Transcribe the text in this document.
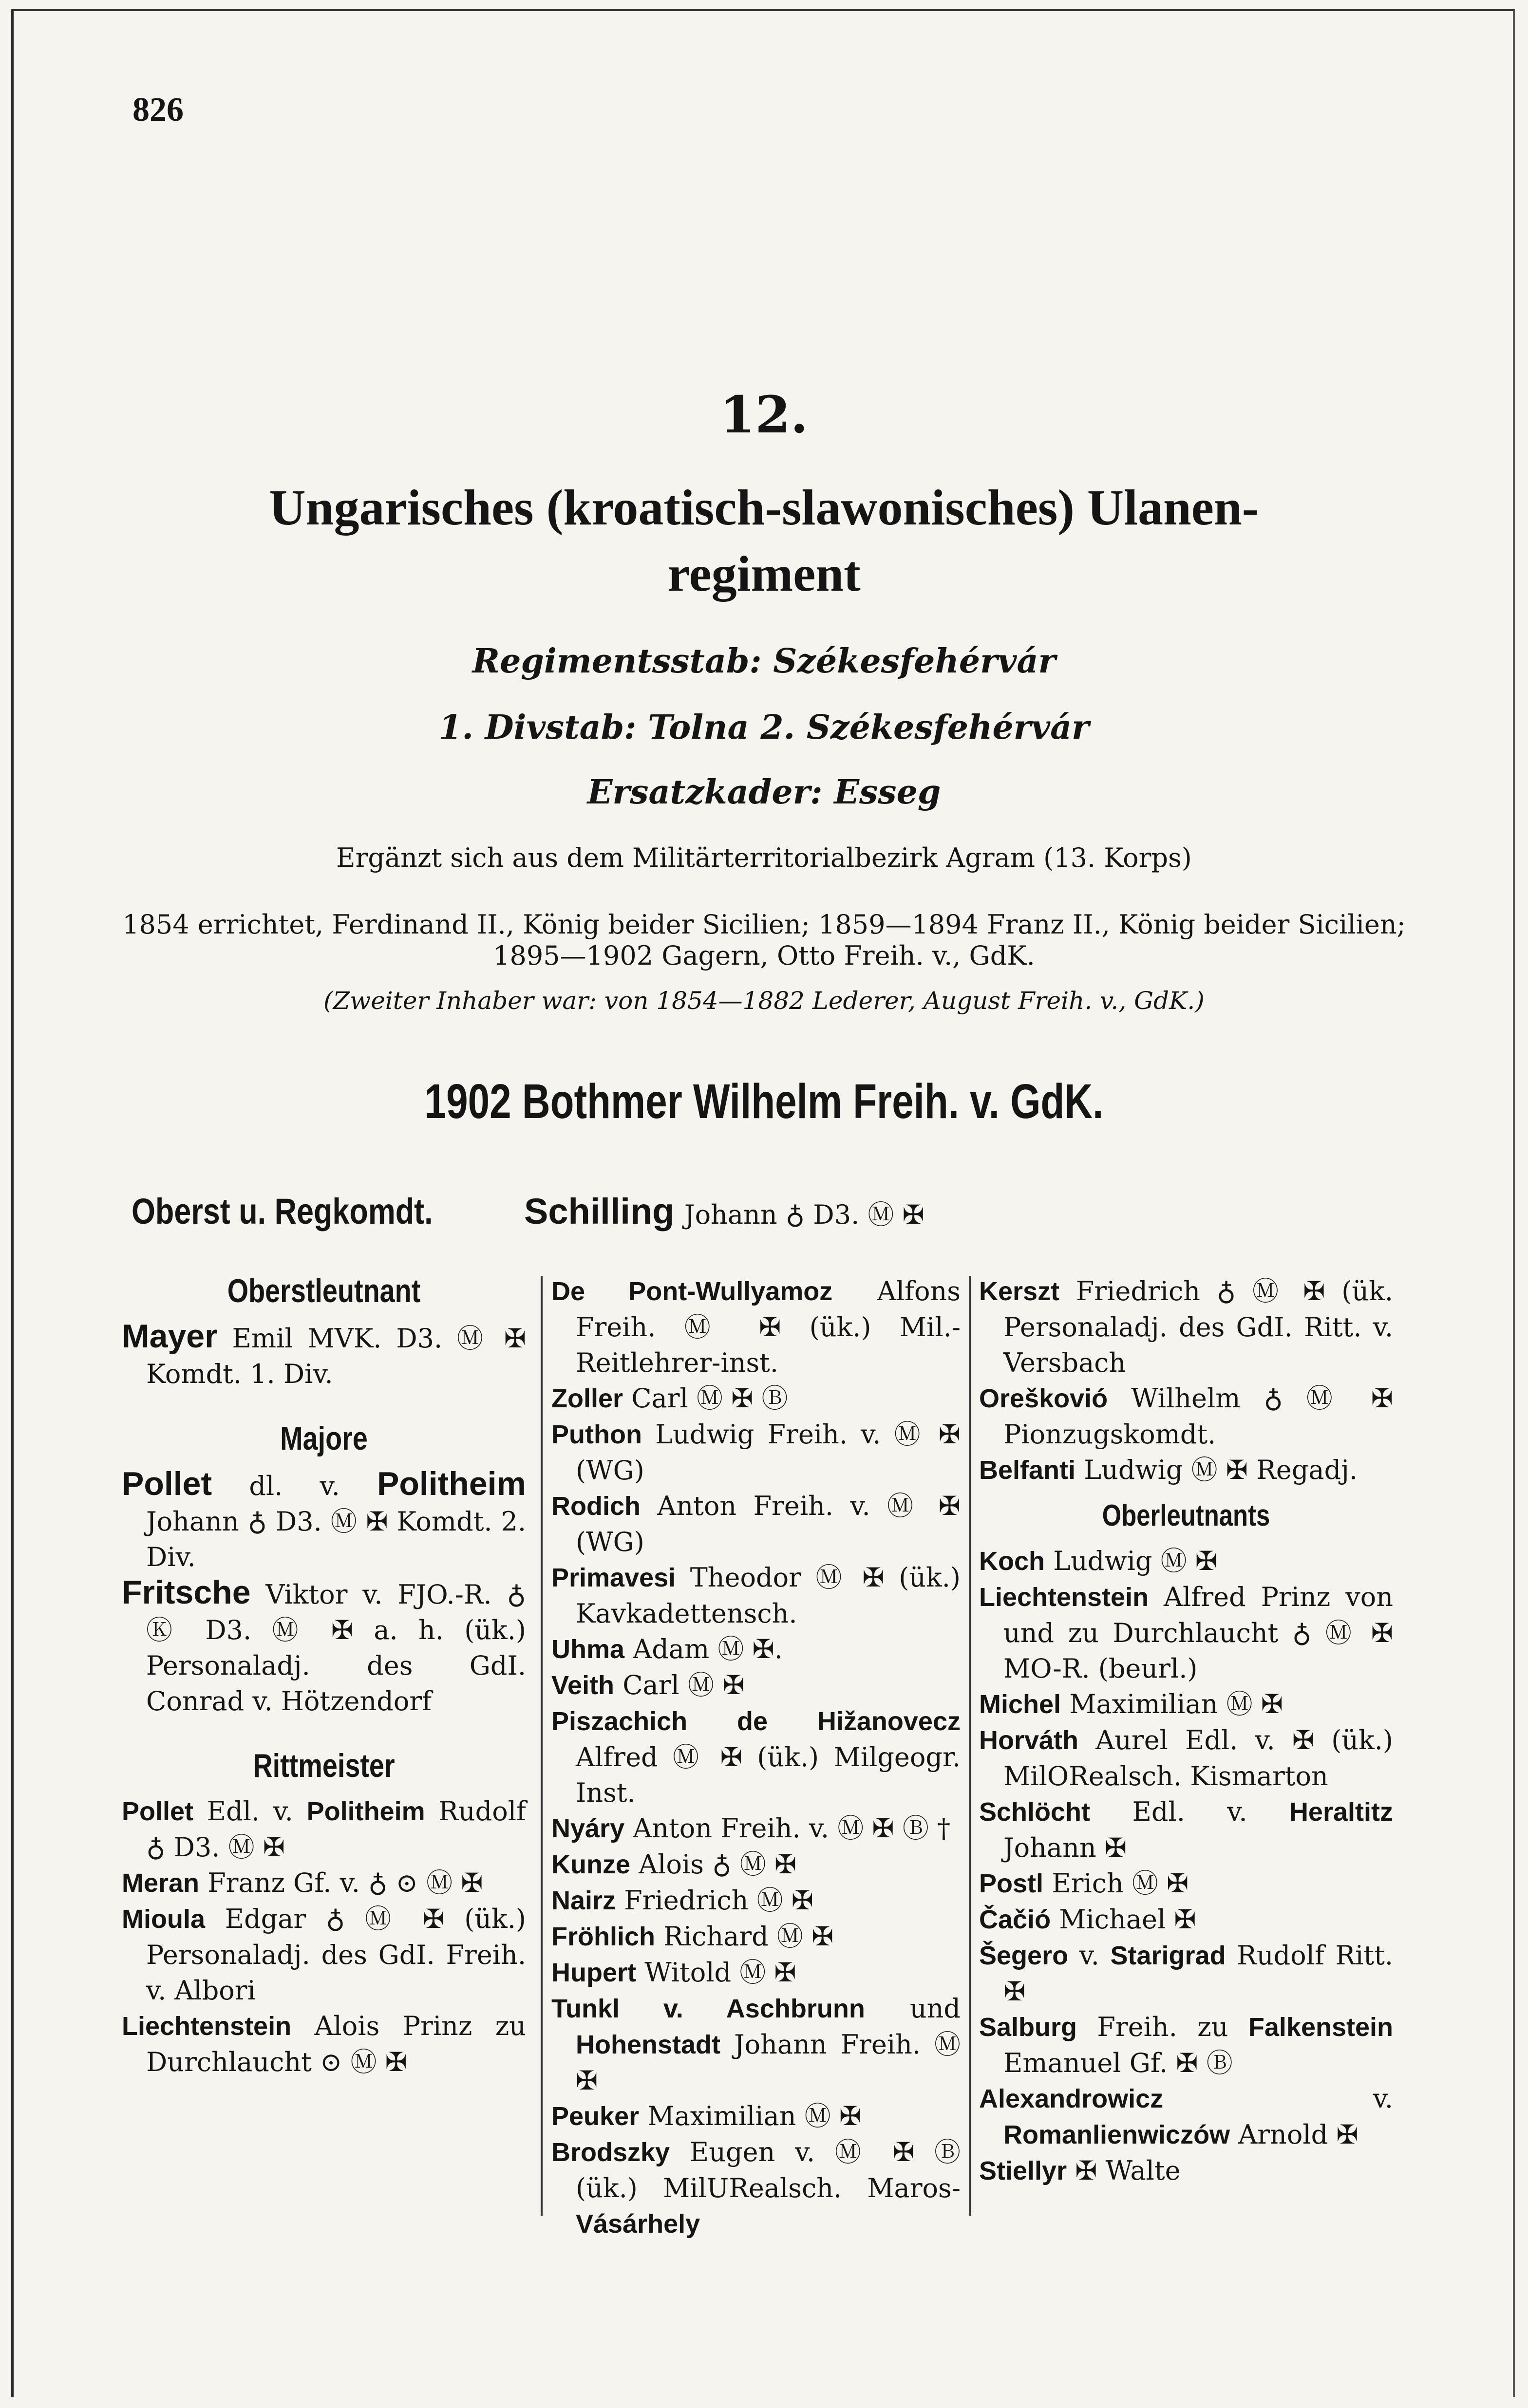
826
12.
Ungarisches (kroatisch-slawonisches) Ulanen-
regiment
Regimentsstab: Székesfehérvár
1. Divstab: Tolna 2. Székesfehérvár
Ersatzkader: Esseg
Ergänzt sich aus dem Militärterritorialbezirk Agram (13. Korps)
1854 errichtet, Ferdinand II., König beider Sicilien; 1859—1894 Franz II., König beider Sicilien;
1895—1902 Gagern, Otto Freih. v., GdK.
(Zweiter Inhaber war: von 1854—1882 Lederer, August Freih. v., GdK.)
1902 Bothmer Wilhelm Freih. v. GdK.
Oberst u. Regkomdt.	Schilling Johann ♁ D3. Ⓜ ✠
Oberstleutnant
Mayer Emil MVK. D3. Ⓜ ✠ Komdt. 1. Div.
Majore
Pollet dl. v. Politheim Johann ♁ D3. Ⓜ ✠ Komdt. 2. Div.
Fritsche Viktor v. FJO.-R. ♁ Ⓚ D3. Ⓜ ✠ a. h. (ük.) Personaladj. des GdI. Conrad v. Hötzendorf
Rittmeister
Pollet Edl. v. Politheim Rudolf ♁ D3. Ⓜ ✠
Meran Franz Gf. v. ♁ ⊙ Ⓜ ✠
Mioula Edgar ♁ Ⓜ ✠ (ük.) Personaladj. des GdI. Freih. v. Albori
Liechtenstein Alois Prinz zu Durchlaucht ⊙ Ⓜ ✠
De Pont-Wullyamoz Alfons Freih. Ⓜ ✠ (ük.) Mil.-Reitlehrer-inst.
Zoller Carl Ⓜ ✠ Ⓑ
Puthon Ludwig Freih. v. Ⓜ ✠ (WG)
Rodich Anton Freih. v. Ⓜ ✠ (WG)
Primavesi Theodor Ⓜ ✠ (ük.) Kavkadettensch.
Uhma Adam Ⓜ ✠.
Veith Carl Ⓜ ✠
Piszachich de Hižanovecz Alfred Ⓜ ✠ (ük.) Milgeogr. Inst.
Nyáry Anton Freih. v. Ⓜ ✠ Ⓑ †
Kunze Alois ♁ Ⓜ ✠
Nairz Friedrich Ⓜ ✠
Fröhlich Richard Ⓜ ✠
Hupert Witold Ⓜ ✠
Tunkl v. Aschbrunn und Hohenstadt Johann Freih. Ⓜ ✠
Peuker Maximilian Ⓜ ✠
Brodszky Eugen v. Ⓜ ✠ Ⓑ (ük.) MilURealsch. Maros- Vásárhely
Kerszt Friedrich ♁ Ⓜ ✠ (ük. Personaladj. des GdI. Ritt. v. Versbach
Oreškovió Wilhelm ♁ Ⓜ ✠ Pionzugskomdt.
Belfanti Ludwig Ⓜ ✠ Regadj.
Oberleutnants
Koch Ludwig Ⓜ ✠
Liechtenstein Alfred Prinz von und zu Durchlaucht ♁ Ⓜ ✠ MO-R. (beurl.)
Michel Maximilian Ⓜ ✠
Horváth Aurel Edl. v. ✠ (ük.) MilORealsch. Kismarton
Schlöcht Edl. v. Heraltitz Johann ✠
Postl Erich Ⓜ ✠
Čačió Michael ✠
Šegero v. Starigrad Rudolf Ritt. ✠
Salburg Freih. zu Falkenstein Emanuel Gf. ✠ Ⓑ
Alexandrowicz	v. Romanlienwiczów Arnold ✠
Stiellyr ✠ Walte
